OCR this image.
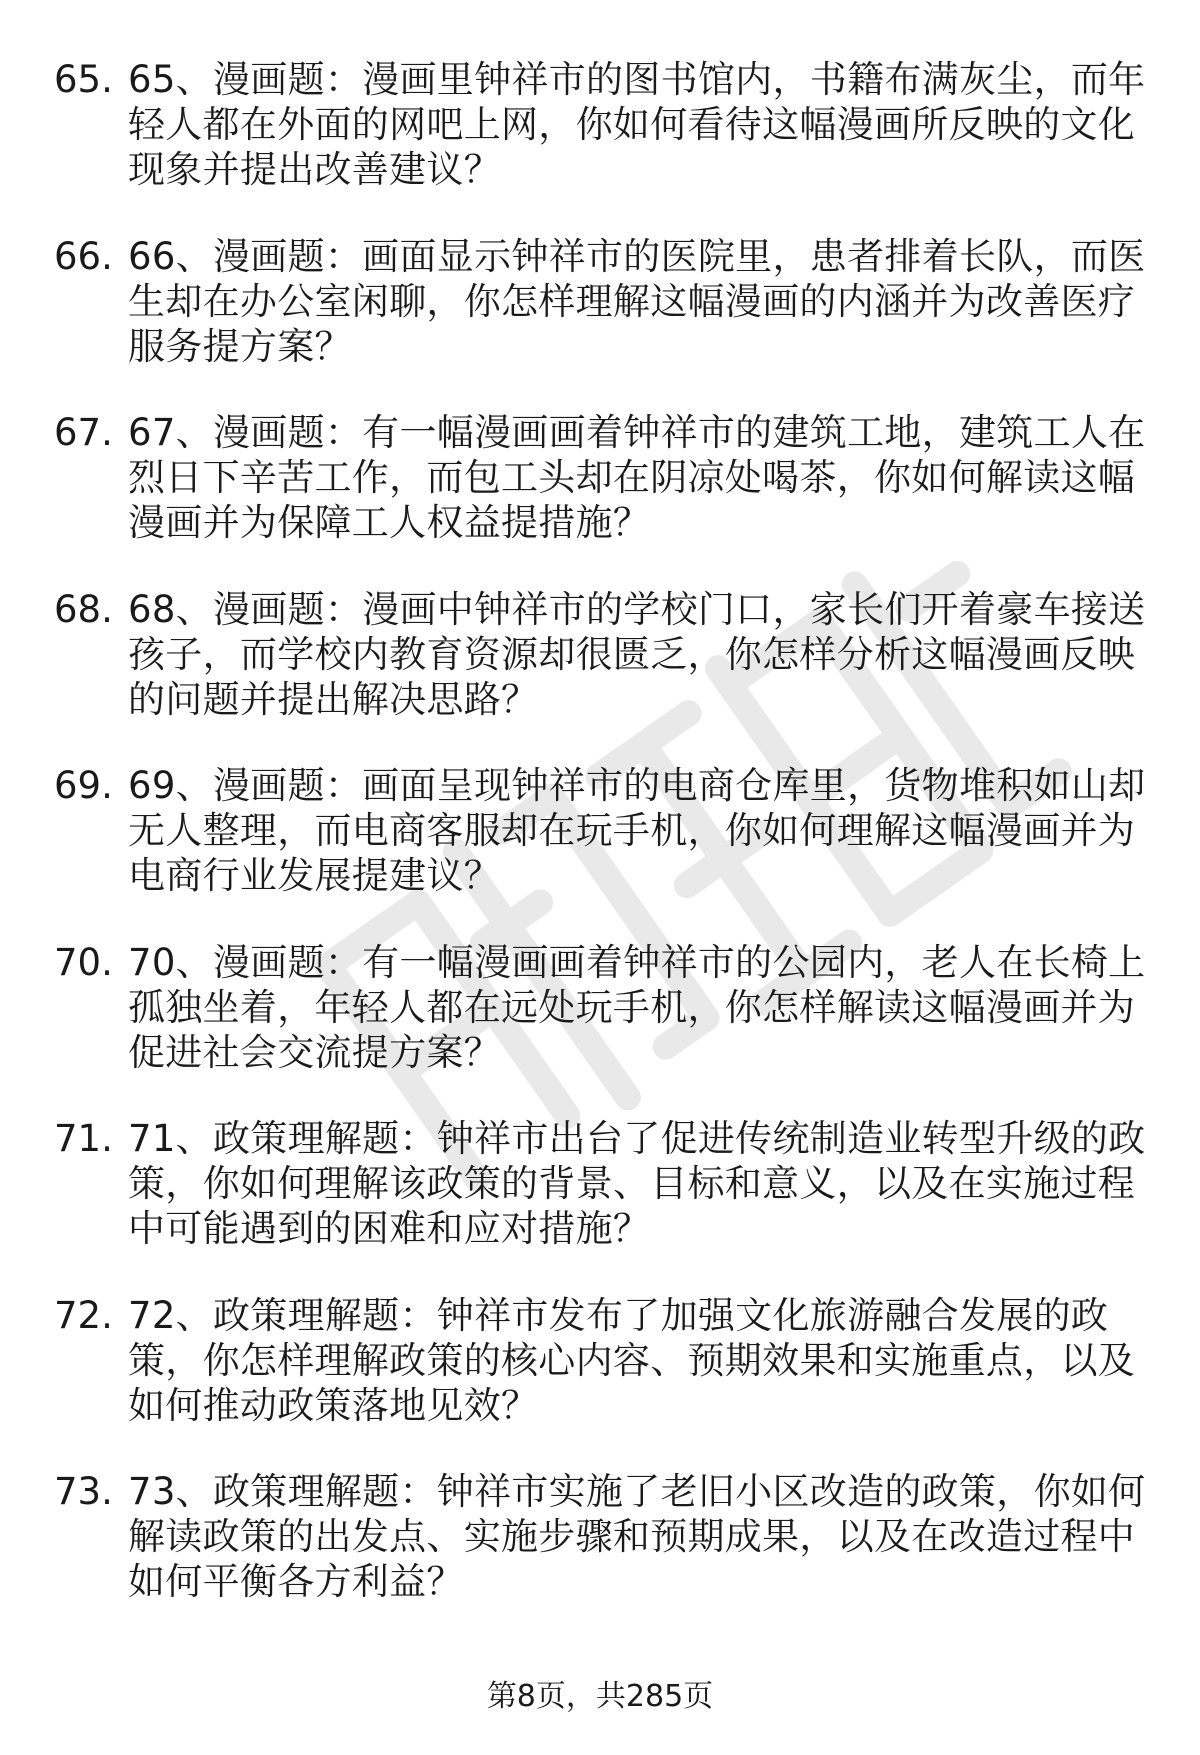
65. 65、漫画题：漫画里钟祥市的图书馆内，书籍布满灰尘，而年轻人都在外面的网吧上网，你如何看待这幅漫画所反映的文化现象并提出改善建议？

66. 66、漫画题：画面显示钟祥市的医院里，患者排着长队，而医生却在办公室闲聊，你怎样理解这幅漫画的内涵并为改善医疗服务提方案？

67. 67、漫画题：有一幅漫画画着钟祥市的建筑工地，建筑工人在烈日下辛苦工作，而包工头却在阴凉处喝茶，你如何解读这幅漫画并为保障工人权益提措施？

68. 68、漫画题：漫画中钟祥市的学校门口，家长们开着豪车接送孩子，而学校内教育资源却很匮乏，你怎样分析这幅漫画反映的问题并提出解决思路？

69. 69、漫画题：画面呈现钟祥市的电商仓库里，货物堆积如山却无人整理，而电商客服却在玩手机，你如何理解这幅漫画并为电商行业发展提建议？

70. 70、漫画题：有一幅漫画画着钟祥市的公园内，老人在长椅上孤独坐着，年轻人都在远处玩手机，你怎样解读这幅漫画并为促进社会交流提方案？

71. 71、政策理解题：钟祥市出台了促进传统制造业转型升级的政策，你如何理解该政策的背景、目标和意义，以及在实施过程中可能遇到的困难和应对措施？

72. 72、政策理解题：钟祥市发布了加强文化旅游融合发展的政策，你怎样理解政策的核心内容、预期效果和实施重点，以及如何推动政策落地见效？

73. 73、政策理解题：钟祥市实施了老旧小区改造的政策，你如何解读政策的出发点、实施步骤和预期成果，以及在改造过程中如何平衡各方利益？

第8页，共285页
